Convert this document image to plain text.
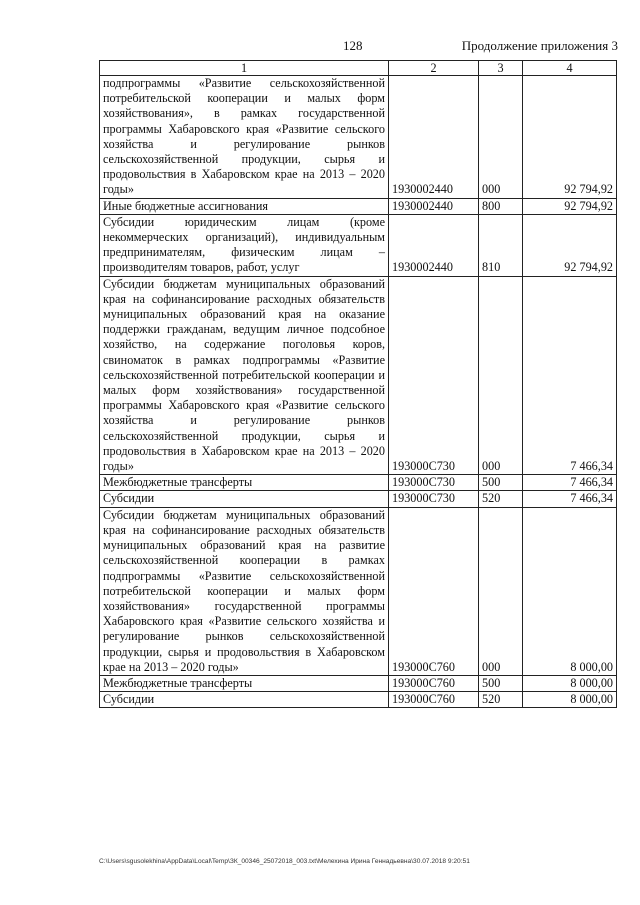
128	Продолжение приложения 3
1	2	3	4
подпрограммы «Развитие сельскохозяйственной потребительской кооперации и малых форм хозяйствования», в рамках государственной программы Хабаровского края «Развитие сельского хозяйства и регулирование рынков сельскохозяйственной продукции, сырья и продовольствия в Хабаровском крае на 2013 – 2020 годы»	1930002440	000	92 794,92
Иные бюджетные ассигнования	1930002440	800	92 794,92
Субсидии юридическим лицам (кроме некоммерческих организаций), индивидуальным предпринимателям, физическим лицам – производителям товаров, работ, услуг	1930002440	810	92 794,92
Субсидии бюджетам муниципальных образований края на софинансирование расходных обязательств муниципальных образований края на оказание поддержки гражданам, ведущим личное подсобное хозяйство, на содержание поголовья коров, свиноматок в рамках подпрограммы «Развитие сельскохозяйственной потребительской кооперации и малых форм хозяйствования» государственной программы Хабаровского края «Развитие сельского хозяйства и регулирование рынков сельскохозяйственной продукции, сырья и продовольствия в Хабаровском крае на 2013 – 2020 годы»	193000С730	000	7 466,34
Межбюджетные трансферты	193000С730	500	7 466,34
Субсидии	193000С730	520	7 466,34
Субсидии бюджетам муниципальных образований края на софинансирование расходных обязательств муниципальных образований края на развитие сельскохозяйственной кооперации в рамках подпрограммы «Развитие сельскохозяйственной потребительской кооперации и малых форм хозяйствования» государственной программы Хабаровского края «Развитие сельского хозяйства и регулирование рынков сельскохозяйственной продукции, сырья и продовольствия в Хабаровском крае на 2013 – 2020 годы»	193000С760	000	8 000,00
Межбюджетные трансферты	193000С760	500	8 000,00
Субсидии	193000С760	520	8 000,00
C:\Users\sgusolekhina\AppData\Local\Temp\ЗК_00346_25072018_003.txt\Мелехина Ирина Геннадьевна\30.07.2018 9:20:51
